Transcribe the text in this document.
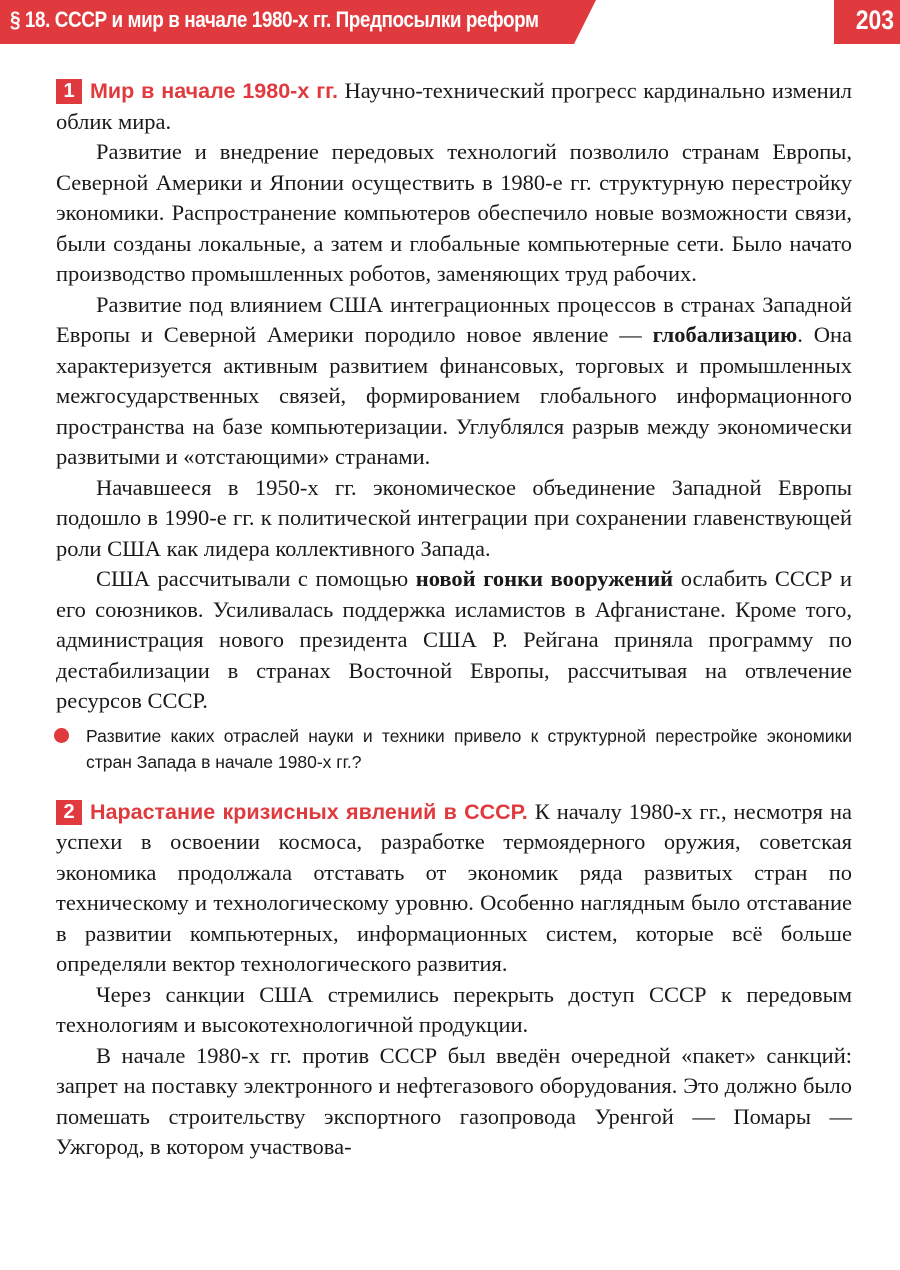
§ 18. СССР и мир в начале 1980-х гг. Предпосылки реформ	203

1 Мир в начале 1980-х гг. Научно-технический прогресс кардинально изменил облик мира.

Развитие и внедрение передовых технологий позволило странам Европы, Северной Америки и Японии осуществить в 1980-е гг. структурную перестройку экономики. Распространение компьютеров обеспечило новые возможности связи, были созданы локальные, а затем и глобальные компьютерные сети. Было начато производство промышленных роботов, заменяющих труд рабочих.

Развитие под влиянием США интеграционных процессов в странах Западной Европы и Северной Америки породило новое явление — глобализацию. Она характеризуется активным развитием финансовых, торговых и промышленных межгосударственных связей, формированием глобального информационного пространства на базе компьютеризации. Углублялся разрыв между экономически развитыми и «отстающими» странами.

Начавшееся в 1950-х гг. экономическое объединение Западной Европы подошло в 1990-е гг. к политической интеграции при сохранении главенствующей роли США как лидера коллективного Запада.

США рассчитывали с помощью новой гонки вооружений ослабить СССР и его союзников. Усиливалась поддержка исламистов в Афганистане. Кроме того, администрация нового президента США Р. Рейгана приняла программу по дестабилизации в странах Восточной Европы, рассчитывая на отвлечение ресурсов СССР.

Развитие каких отраслей науки и техники привело к структурной перестройке экономики стран Запада в начале 1980-х гг.?

2 Нарастание кризисных явлений в СССР. К началу 1980-х гг., несмотря на успехи в освоении космоса, разработке термоядерного оружия, советская экономика продолжала отставать от экономик ряда развитых стран по техническому и технологическому уровню. Особенно наглядным было отставание в развитии компьютерных, информационных систем, которые всё больше определяли вектор технологического развития.

Через санкции США стремились перекрыть доступ СССР к передовым технологиям и высокотехнологичной продукции.

В начале 1980-х гг. против СССР был введён очередной «пакет» санкций: запрет на поставку электронного и нефтегазового оборудования. Это должно было помешать строительству экспортного газопровода Уренгой — Помары — Ужгород, в котором участвова-
